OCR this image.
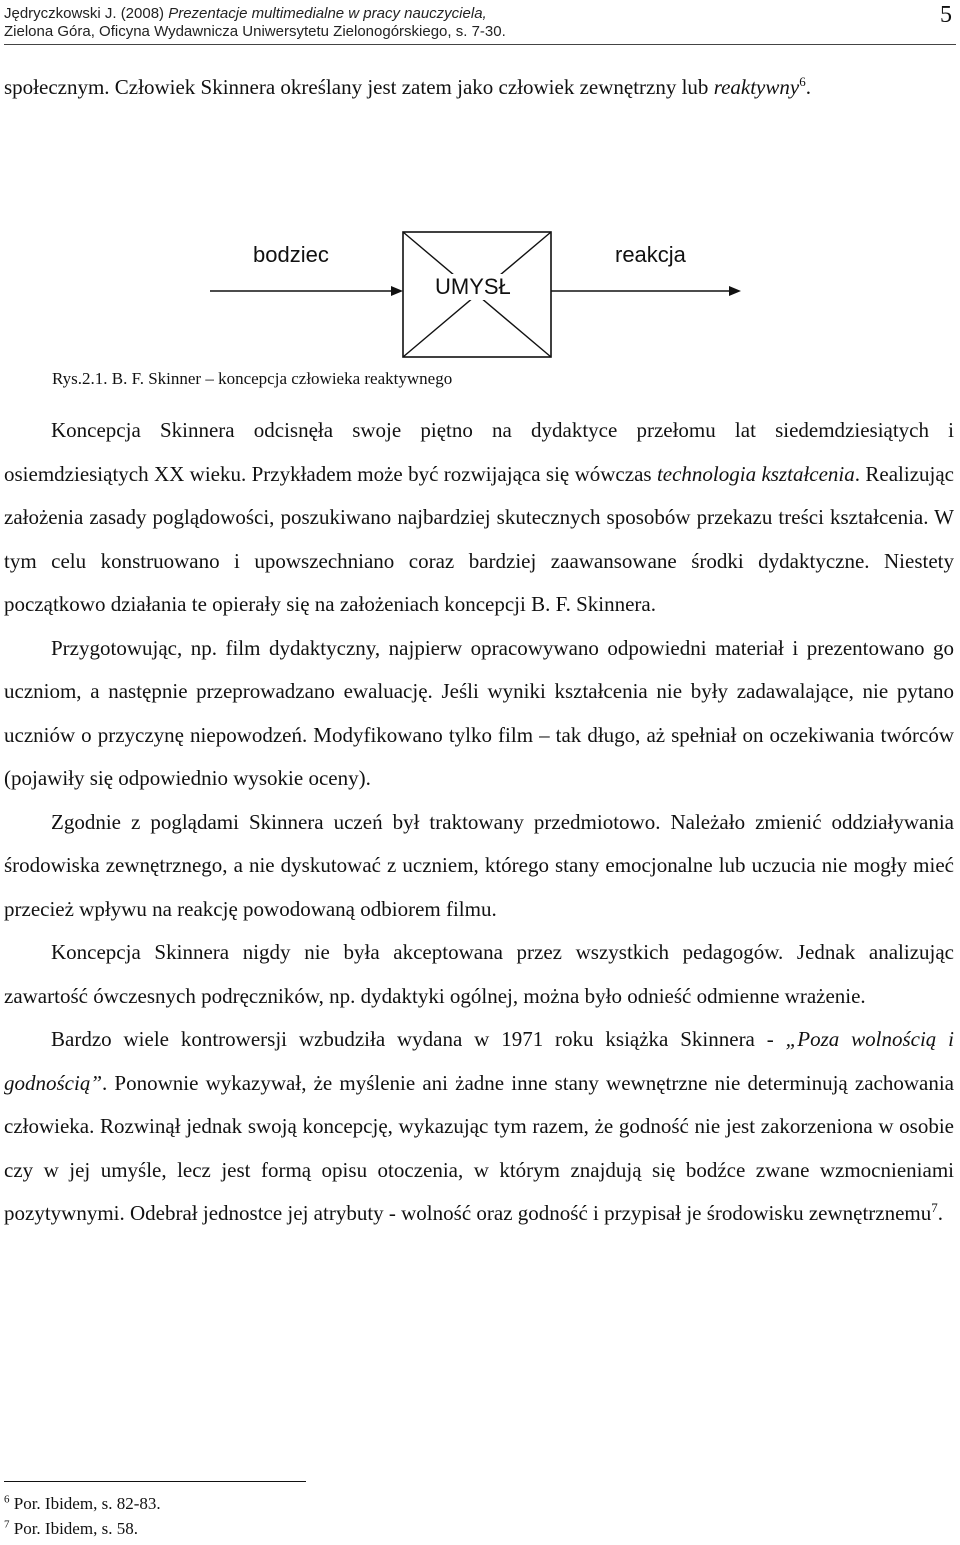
Jędryczkowski J. (2008) Prezentacje multimedialne w pracy nauczyciela,
Zielona Góra, Oficyna Wydawnicza Uniwersytetu Zielonogórskiego, s. 7-30.
5

społecznym. Człowiek Skinnera określany jest zatem jako człowiek zewnętrzny lub reaktywny$^6$.

bodziec
UMYSŁ
reakcja
Rys.2.1. B. F. Skinner – koncepcja człowieka reaktywnego

Koncepcja Skinnera odcisnęła swoje piętno na dydaktyce przełomu lat siedemdziesiątych i osiemdziesiątych XX wieku. Przykładem może być rozwijająca się wówczas technologia kształcenia. Realizując założenia zasady poglądowości, poszukiwano najbardziej skutecznych sposobów przekazu treści kształcenia. W tym celu konstruowano i upowszechniano coraz bardziej zaawansowane środki dydaktyczne. Niestety początkowo działania te opierały się na założeniach koncepcji B. F. Skinnera.

Przygotowując, np. film dydaktyczny, najpierw opracowywano odpowiedni materiał i prezentowano go uczniom, a następnie przeprowadzano ewaluację. Jeśli wyniki kształcenia nie były zadawalające, nie pytano uczniów o przyczynę niepowodzeń. Modyfikowano tylko film – tak długo, aż spełniał on oczekiwania twórców (pojawiły się odpowiednio wysokie oceny).

Zgodnie z poglądami Skinnera uczeń był traktowany przedmiotowo. Należało zmienić oddziaływania środowiska zewnętrznego, a nie dyskutować z uczniem, którego stany emocjonalne lub uczucia nie mogły mieć przecież wpływu na reakcję powodowaną odbiorem filmu.

Koncepcja Skinnera nigdy nie była akceptowana przez wszystkich pedagogów. Jednak analizując zawartość ówczesnych podręczników, np. dydaktyki ogólnej, można było odnieść odmienne wrażenie.

Bardzo wiele kontrowersji wzbudziła wydana w 1971 roku książka Skinnera - „Poza wolnością i godnością”. Ponownie wykazywał, że myślenie ani żadne inne stany wewnętrzne nie determinują zachowania człowieka. Rozwinął jednak swoją koncepcję, wykazując tym razem, że godność nie jest zakorzeniona w osobie czy w jej umyśle, lecz jest formą opisu otoczenia, w którym znajdują się bodźce zwane wzmocnieniami pozytywnymi. Odebrał jednostce jej atrybuty - wolność oraz godność i przypisał je środowisku zewnętrznemu$^7$.

$^6$ Por. Ibidem, s. 82-83.
$^7$ Por. Ibidem, s. 58.
